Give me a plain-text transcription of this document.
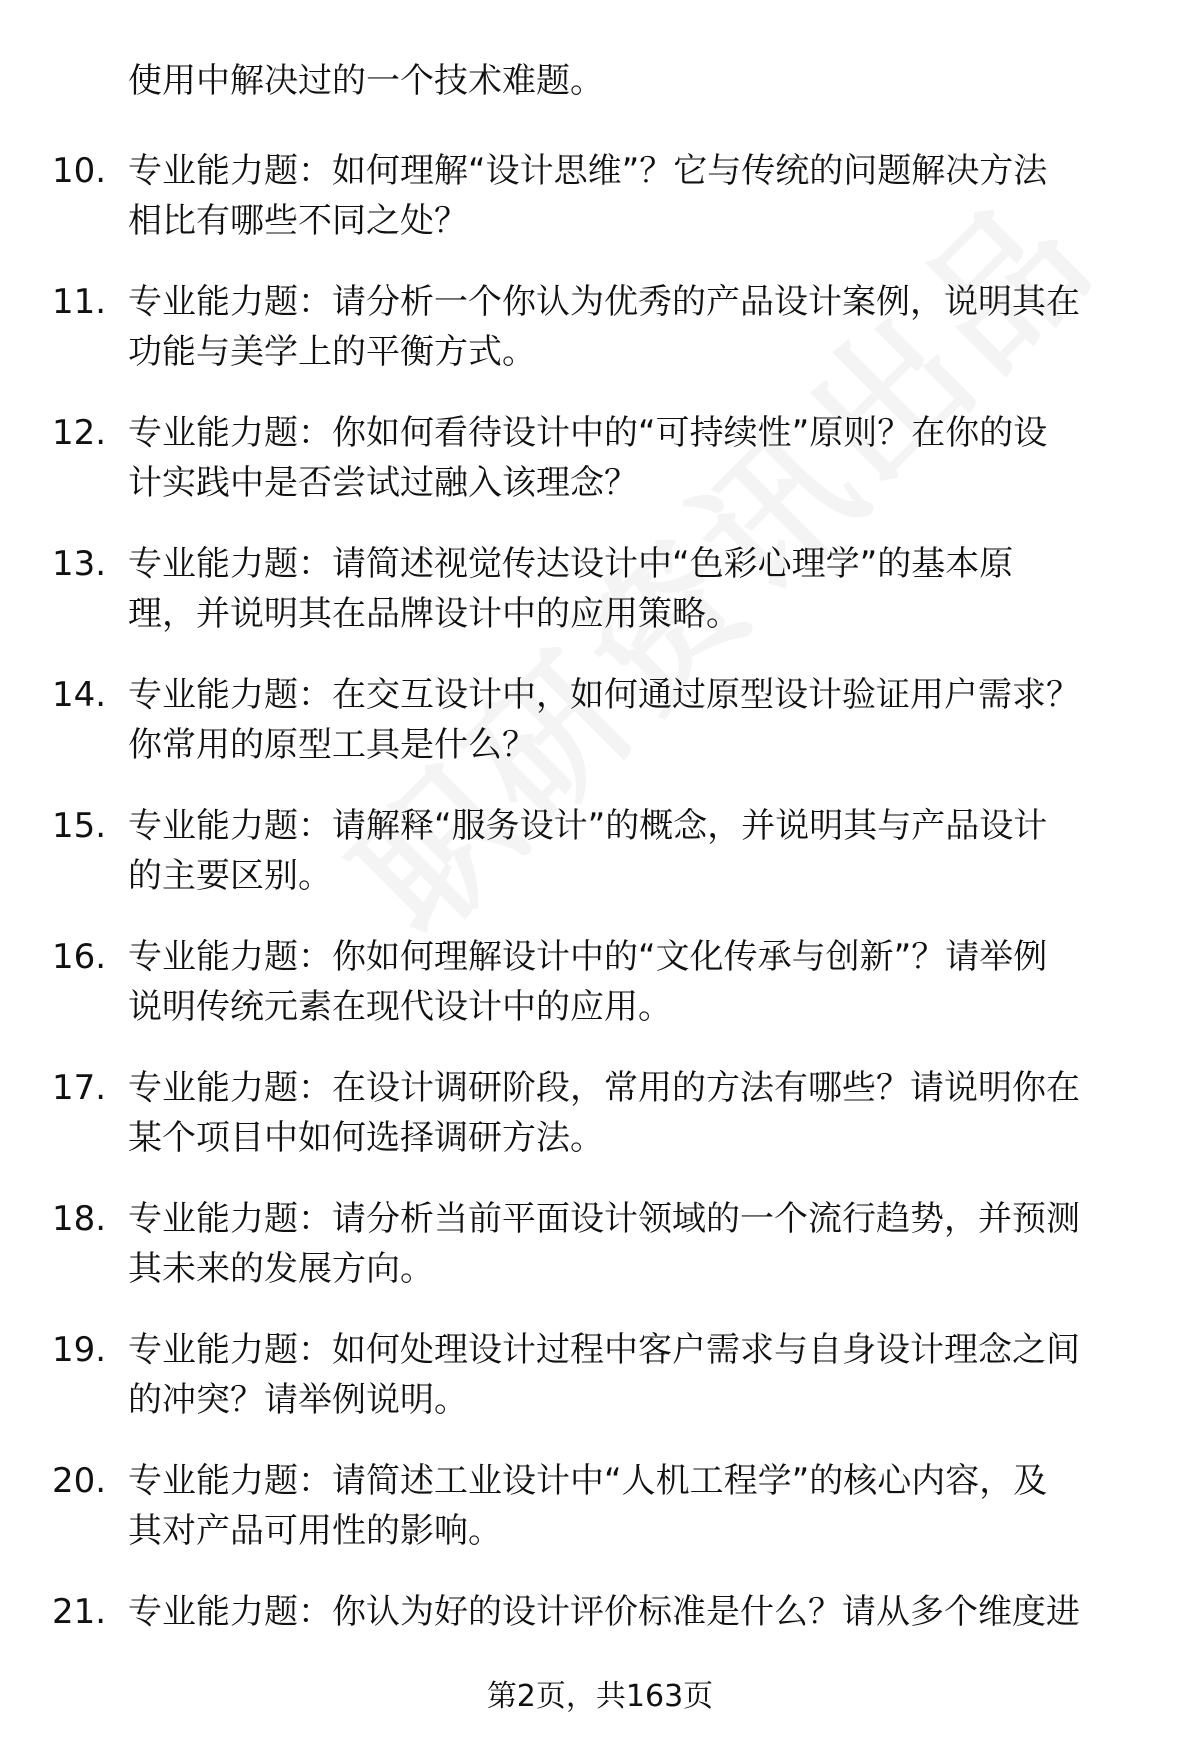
使用中解决过的一个技术难题。
10. 专业能力题：如何理解“设计思维”？它与传统的问题解决方法
相比有哪些不同之处？
11. 专业能力题：请分析一个你认为优秀的产品设计案例，说明其在
功能与美学上的平衡方式。
12. 专业能力题：你如何看待设计中的“可持续性”原则？在你的设
计实践中是否尝试过融入该理念？
13. 专业能力题：请简述视觉传达设计中“色彩心理学”的基本原
理，并说明其在品牌设计中的应用策略。
14. 专业能力题：在交互设计中，如何通过原型设计验证用户需求？
你常用的原型工具是什么？
15. 专业能力题：请解释“服务设计”的概念，并说明其与产品设计
的主要区别。
16. 专业能力题：你如何理解设计中的“文化传承与创新”？请举例
说明传统元素在现代设计中的应用。
17. 专业能力题：在设计调研阶段，常用的方法有哪些？请说明你在
某个项目中如何选择调研方法。
18. 专业能力题：请分析当前平面设计领域的一个流行趋势，并预测
其未来的发展方向。
19. 专业能力题：如何处理设计过程中客户需求与自身设计理念之间
的冲突？请举例说明。
20. 专业能力题：请简述工业设计中“人机工程学”的核心内容，及
其对产品可用性的影响。
21. 专业能力题：你认为好的设计评价标准是什么？请从多个维度进
第2页，共163页
